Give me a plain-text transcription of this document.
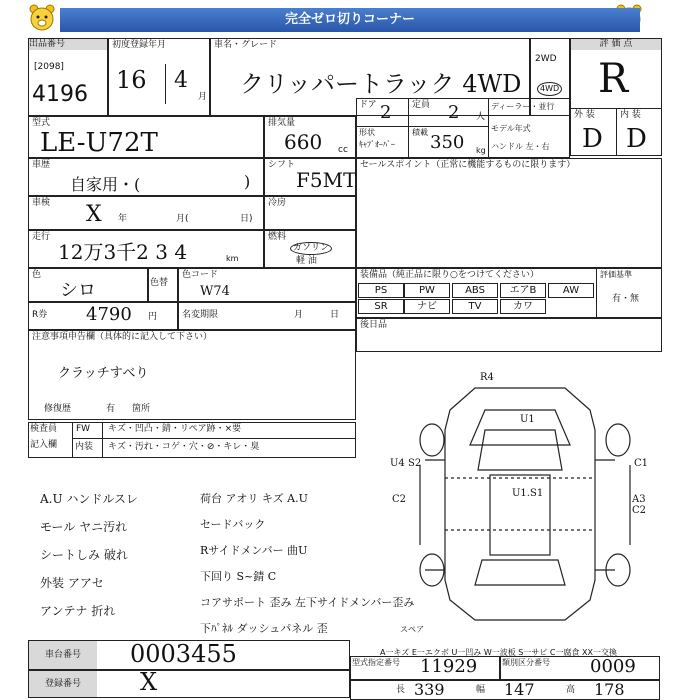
完全ゼロ切りコーナー
出品番号
[2098]
4196
初度登録年月
16 4
月
車名・グレード
クリッパートラック 4WD
2WD
4WD
評 価 点
R
外 装	内 装
D D
型式
LE-U72T
排気量
660 cc
ドア 2 定員 2 人
形状
ｷｬﾌﾞｵｰﾊﾞｰ
積載 350 kg
ディーラー・並行
モデル年式
ハンドル 左・右
車歴
自家用・(	)
シフト
F5MT
車検 X 年	月(	日)
冷房
走行
12万3千2 3 4	km
燃料
ガソリン
軽 油
色
シロ	色替
色コード
W74
R券 4790 円	名変期限	月	日
セールスポイント（正常に機能するものに限ります）
装備品（純正品に限り○をつけてください）
PS	PW	ABS	エアB	AW
SR	ナビ	TV	カワ
評価基準
有・無
後日品
注意事項申告欄（具体的に記入して下さい）
クラッチすべり
修復歴	有 箇所
検査員
記入欄
FW
内装
キズ・凹凸・錆・リペア跡・×要
キズ・汚れ・コゲ・穴・⊘・キレ・臭
A.U ハンドルスレ
モール ヤニ汚れ
シートしみ 破れ
外装 アアセ
アンテナ 折れ
荷台 アオリ キズ A.U
セードバック
Rサイドメンバー 曲U
下回り S~錆 C
コアサポート 歪み 左下サイドメンバー歪み
下ﾊﾟﾈﾙ ダッシュパネル 歪
R4
U1
U4 S2	C1
C2
U1.S1
A3 C2
スペア
A一キズ E一エクボ U一凹み W一波板 S一サビ C一腐食 XX一交換
車台番号	0003455
登録番号	X
型式指定番号 11929	類別区分番号 0009
長 339	幅 147	高 178
